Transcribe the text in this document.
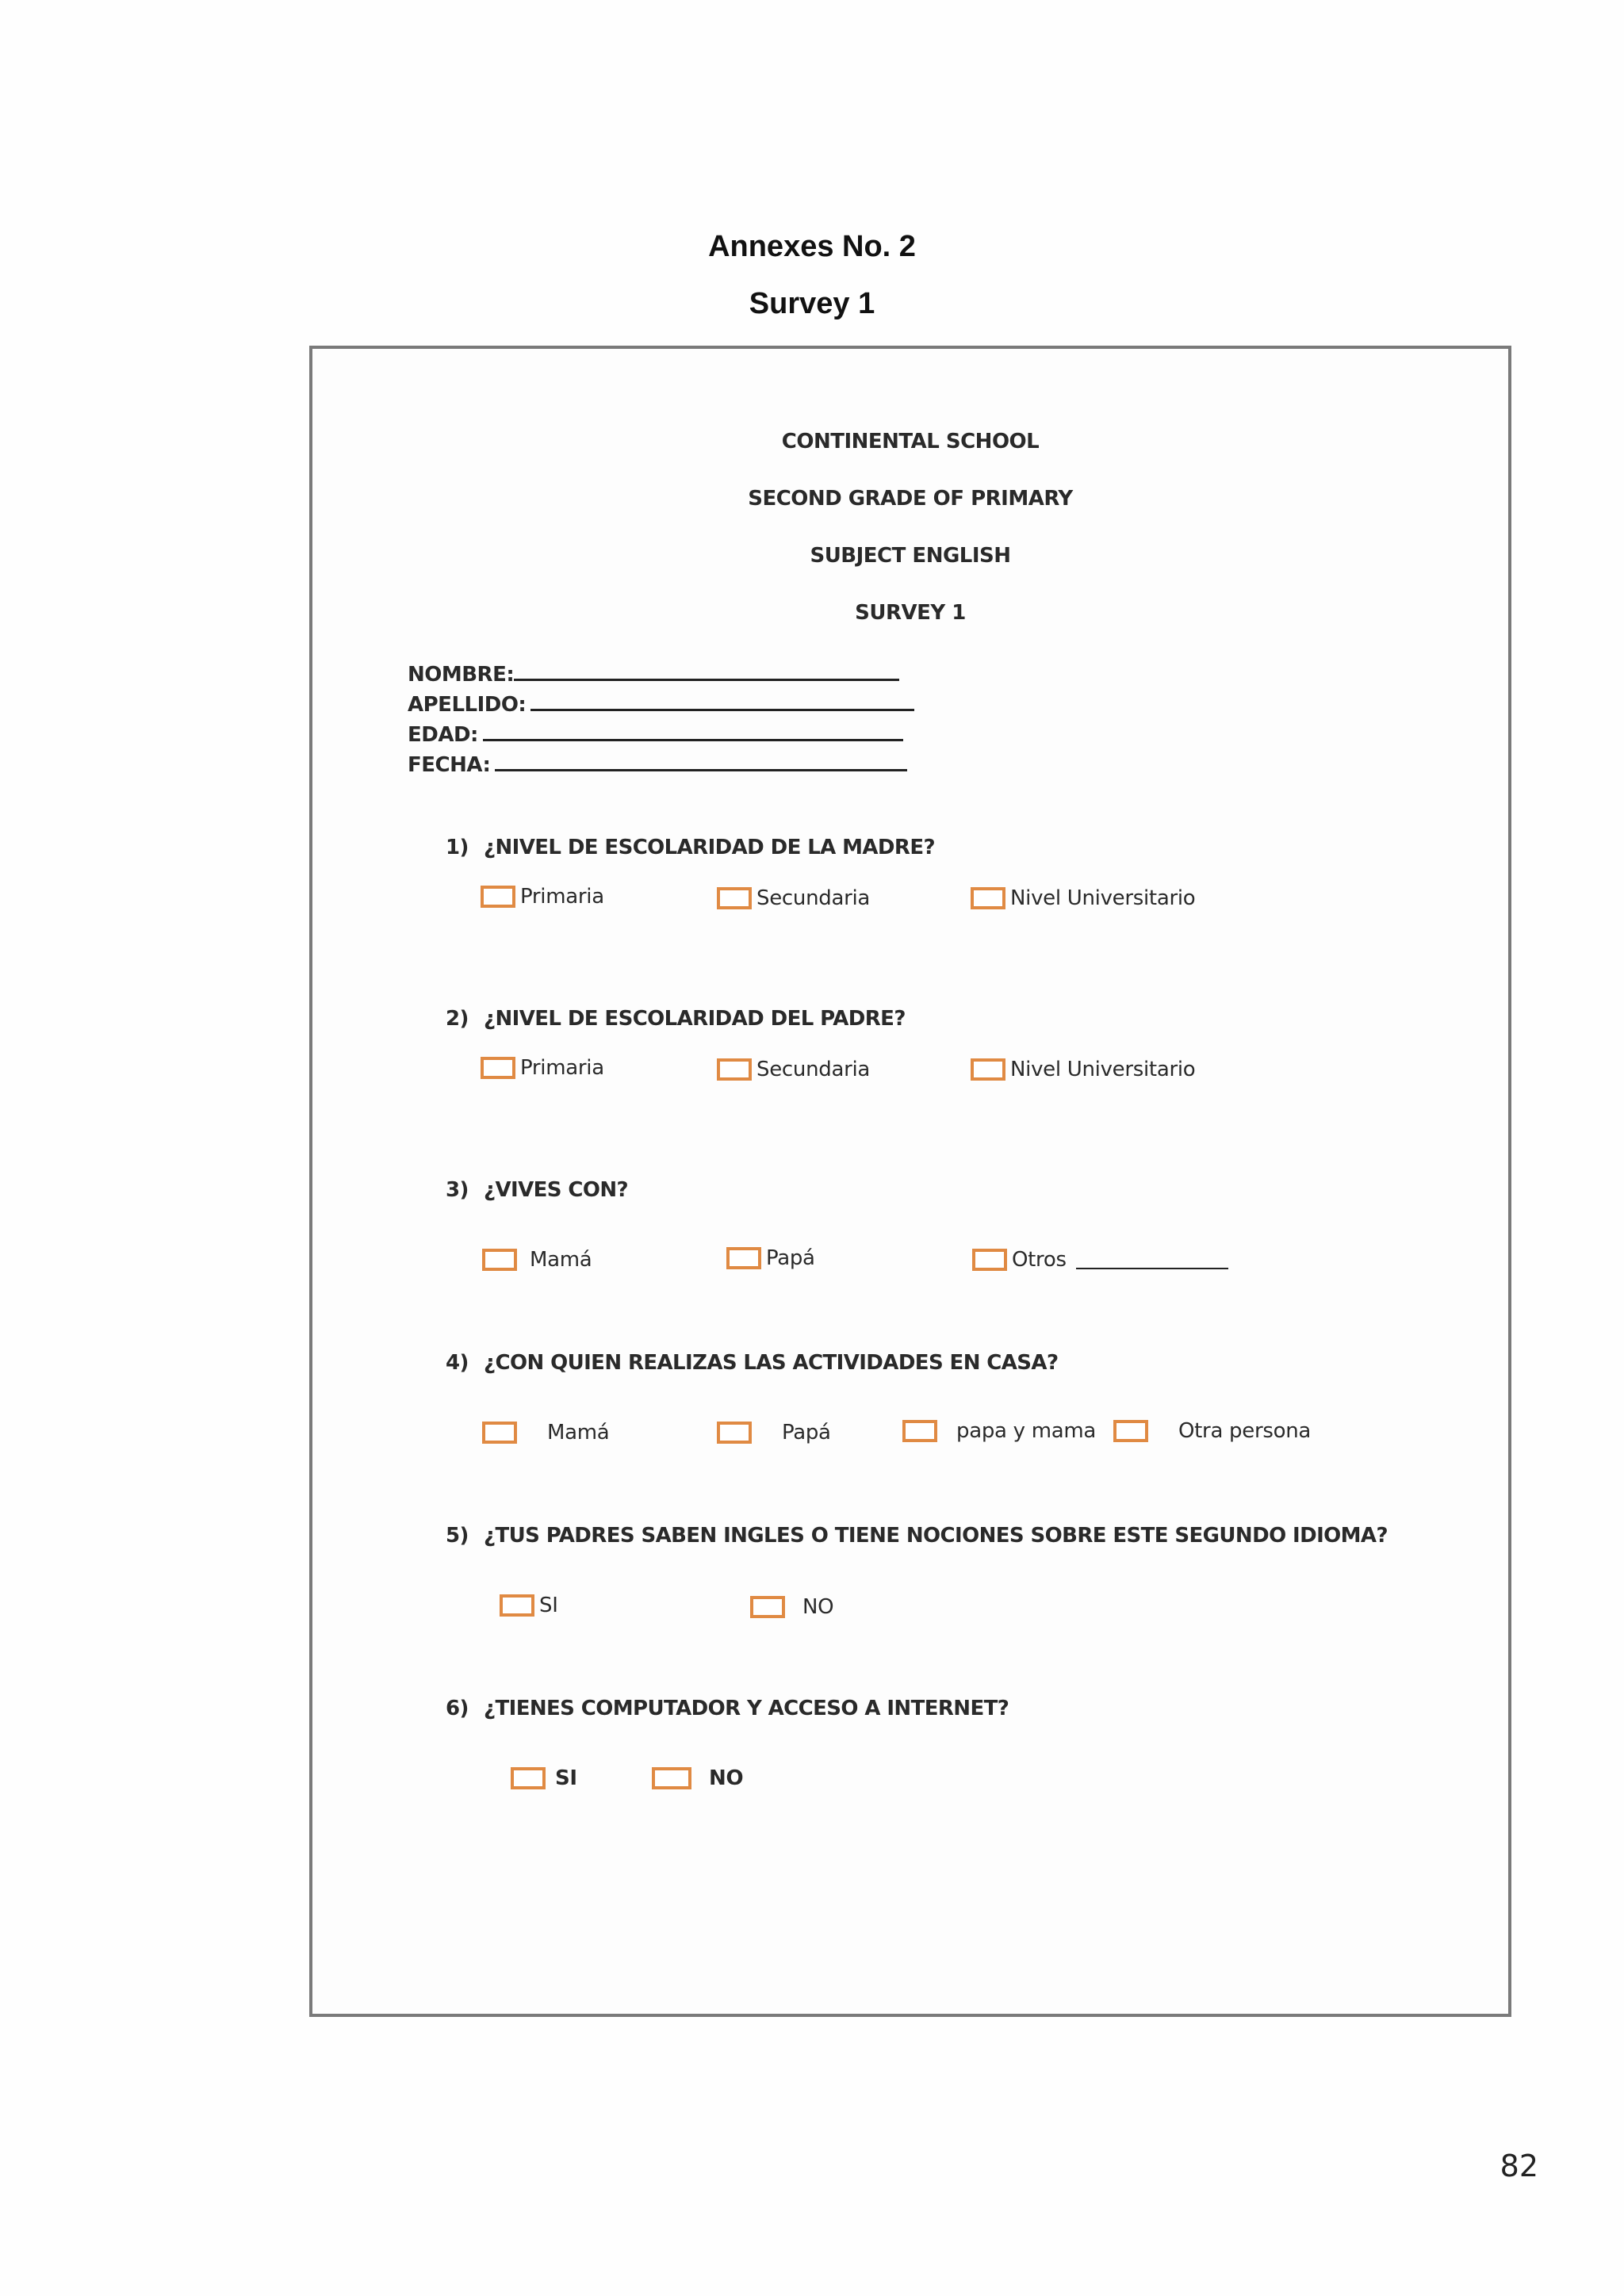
Annexes No. 2
Survey 1
CONTINENTAL SCHOOL
SECOND GRADE OF PRIMARY
SUBJECT ENGLISH
SURVEY 1
NOMBRE:
APELLIDO:
EDAD:
FECHA:
1) ¿NIVEL DE ESCOLARIDAD DE LA MADRE?
Primaria	Secundaria	Nivel Universitario
2) ¿NIVEL DE ESCOLARIDAD DEL PADRE?
Primaria	Secundaria	Nivel Universitario
3) ¿VIVES CON?
Mamá	Papá	Otros
4) ¿CON QUIEN REALIZAS LAS ACTIVIDADES EN CASA?
Mamá	Papá	papa y mama	Otra persona
5) ¿TUS PADRES SABEN INGLES O TIENE NOCIONES SOBRE ESTE SEGUNDO IDIOMA?
SI	NO
6) ¿TIENES COMPUTADOR Y ACCESO A INTERNET?
SI	NO
82
